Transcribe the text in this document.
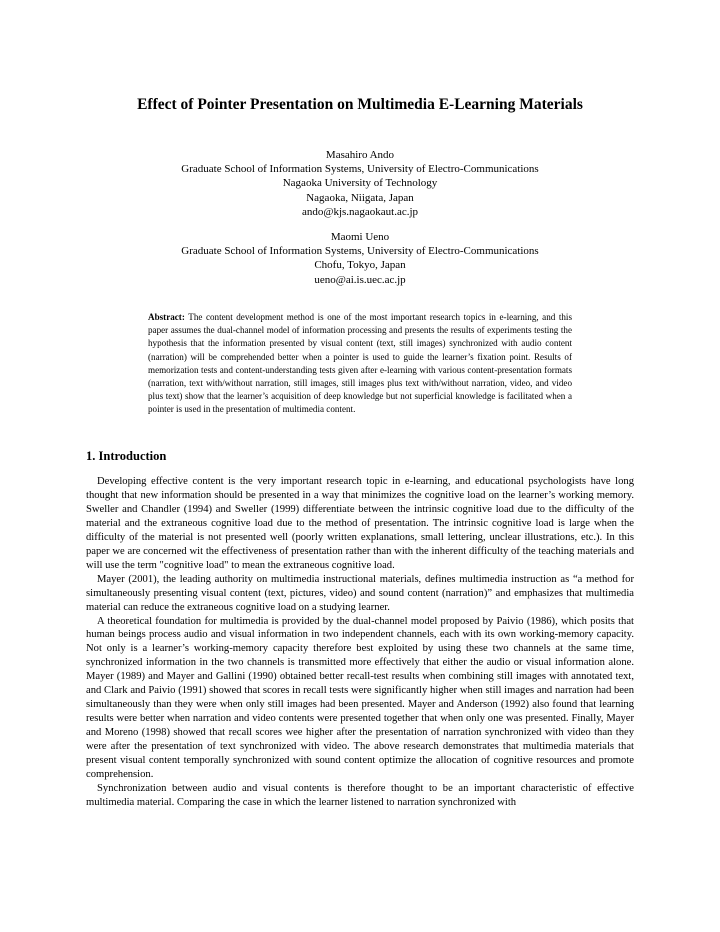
Effect of Pointer Presentation on Multimedia E-Learning Materials
Masahiro Ando
Graduate School of Information Systems, University of Electro-Communications
Nagaoka University of Technology
Nagaoka, Niigata, Japan
ando@kjs.nagaokaut.ac.jp
Maomi Ueno
Graduate School of Information Systems, University of Electro-Communications
Chofu, Tokyo, Japan
ueno@ai.is.uec.ac.jp
Abstract: The content development method is one of the most important research topics in e-learning, and this paper assumes the dual-channel model of information processing and presents the results of experiments testing the hypothesis that the information presented by visual content (text, still images) synchronized with audio content (narration) will be comprehended better when a pointer is used to guide the learner’s fixation point. Results of memorization tests and content-understanding tests given after e-learning with various content-presentation formats (narration, text with/without narration, still images, still images plus text with/without narration, video, and video plus text) show that the learner’s acquisition of deep knowledge but not superficial knowledge is facilitated when a pointer is used in the presentation of multimedia content.
1. Introduction

Developing effective content is the very important research topic in e-learning, and educational psychologists have long thought that new information should be presented in a way that minimizes the cognitive load on the learner’s working memory. Sweller and Chandler (1994) and Sweller (1999) differentiate between the intrinsic cognitive load due to the difficulty of the material and the extraneous cognitive load due to the method of presentation. The intrinsic cognitive load is large when the difficulty of the material is not presented well (poorly written explanations, small lettering, unclear illustrations, etc.). In this paper we are concerned wit the effectiveness of presentation rather than with the inherent difficulty of the teaching materials and will use the term "cognitive load" to mean the extraneous cognitive load.

Mayer (2001), the leading authority on multimedia instructional materials, defines multimedia instruction as “a method for simultaneously presenting visual content (text, pictures, video) and sound content (narration)” and emphasizes that multimedia material can reduce the extraneous cognitive load on a studying learner.

A theoretical foundation for multimedia is provided by the dual-channel model proposed by Paivio (1986), which posits that human beings process audio and visual information in two independent channels, each with its own working-memory capacity. Not only is a learner’s working-memory capacity therefore best exploited by using these two channels at the same time, synchronized information in the two channels is transmitted more effectively that either the audio or visual information alone. Mayer (1989) and Mayer and Gallini (1990) obtained better recall-test results when combining still images with annotated text, and Clark and Paivio (1991) showed that scores in recall tests were significantly higher when still images and narration had been simultaneously than they were when only still images had been presented. Mayer and Anderson (1992) also found that learning results were better when narration and video contents were presented together that when only one was presented. Finally, Mayer and Moreno (1998) showed that recall scores wee higher after the presentation of narration synchronized with video than they were after the presentation of text synchronized with video. The above research demonstrates that multimedia materials that present visual content temporally synchronized with sound content optimize the allocation of cognitive resources and promote comprehension.

Synchronization between audio and visual contents is therefore thought to be an important characteristic of effective multimedia material. Comparing the case in which the learner listened to narration synchronized with
